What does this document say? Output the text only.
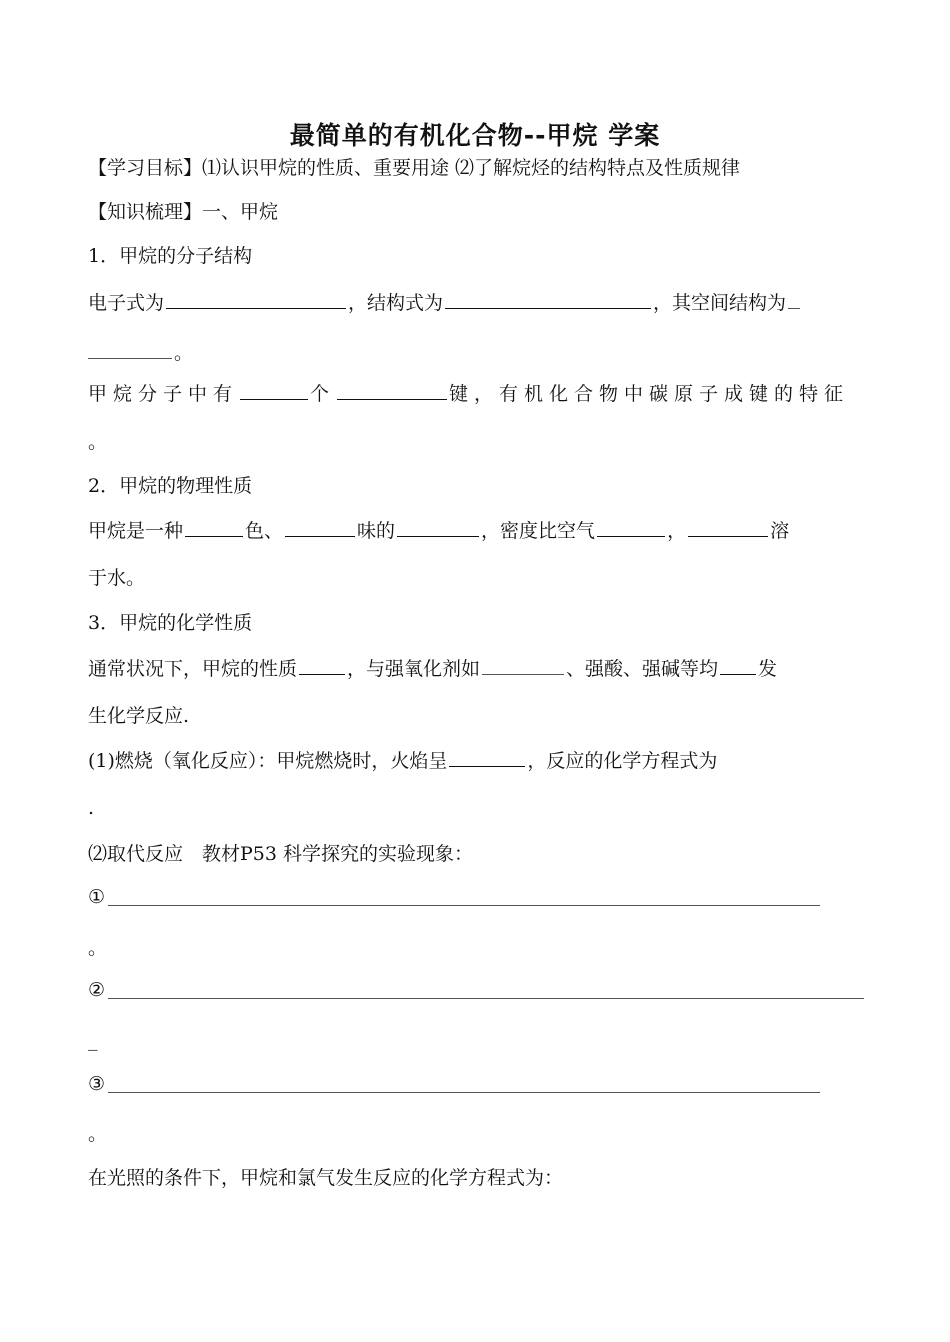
最简单的有机化合物--甲烷 学案
【学习目标】⑴认识甲烷的性质、重要用途 ⑵了解烷烃的结构特点及性质规律
【知识梳理】一、甲烷
1．甲烷的分子结构
电子式为	，结构式为	，其空间结构为
。
甲烷分子中有	个	键，有机化合物中碳原子成键的特征
。
2．甲烷的物理性质
甲烷是一种	色、	味的	，密度比空气	，	溶
于水。
3．甲烷的化学性质
通常状况下，甲烷的性质	，与强氧化剂如	、强酸、强碱等均 发
生化学反应.
(1)燃烧（氧化反应）：甲烷燃烧时，火焰呈	，反应的化学方程式为
.
⑵取代反应　教材P53 科学探究的实验现象：
①
。
②
_
③
。
在光照的条件下，甲烷和氯气发生反应的化学方程式为：
